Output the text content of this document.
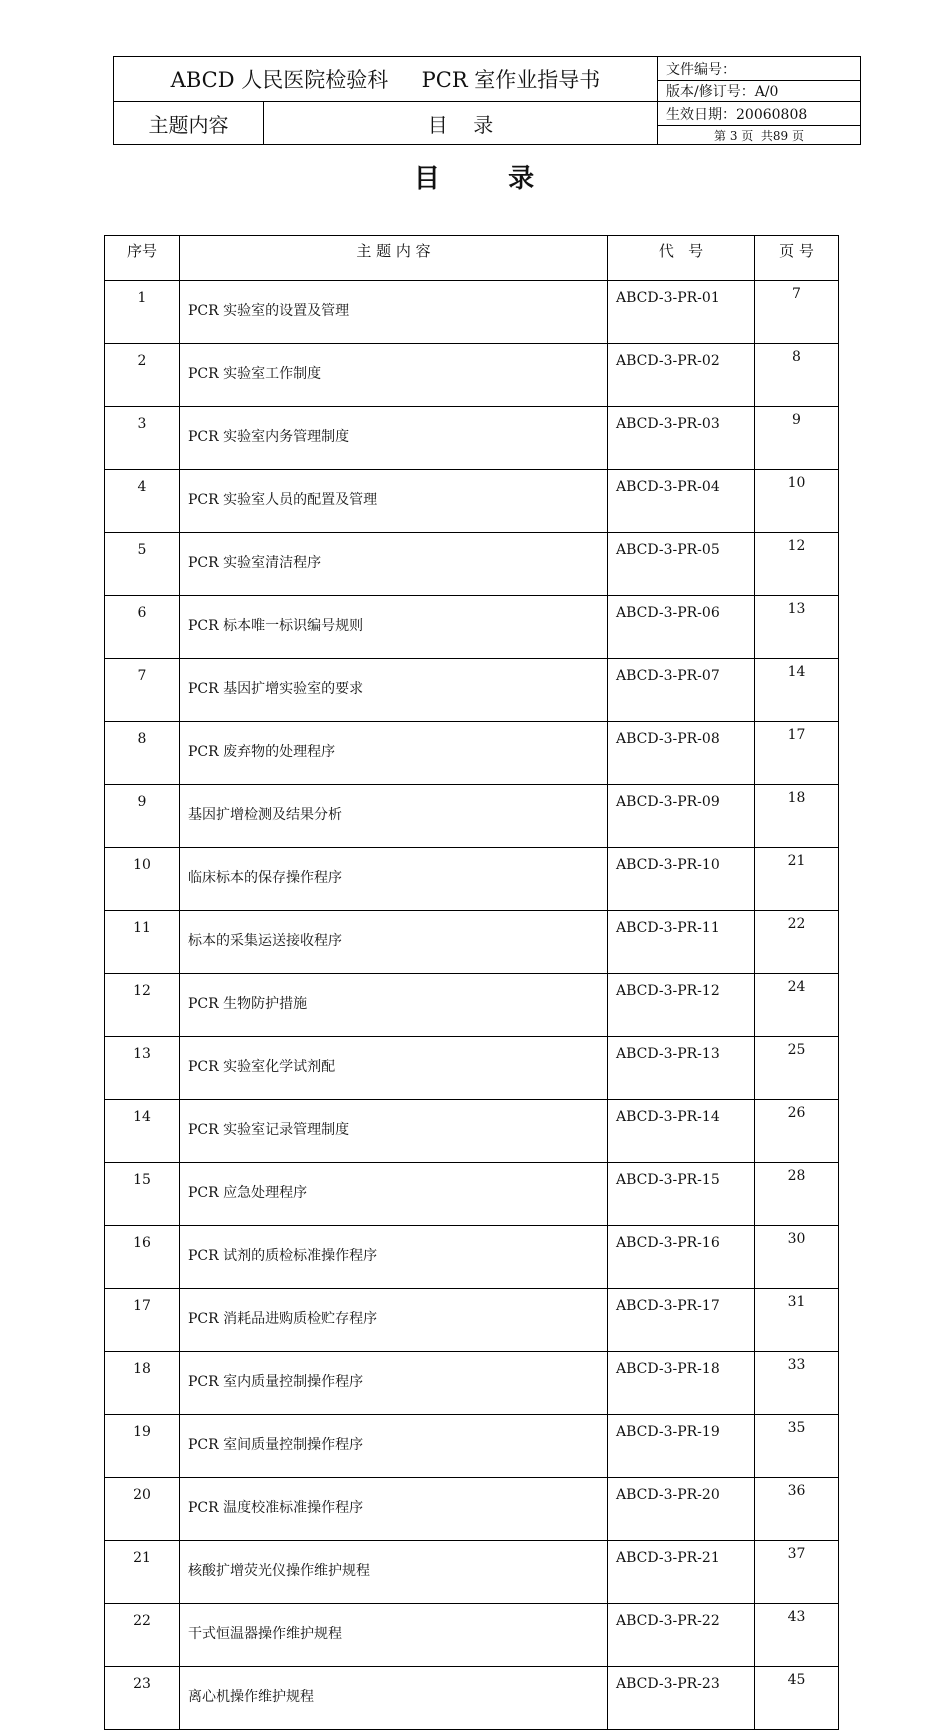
ABCD 人民医院检验科     PCR 室作业指导书
主题内容	目    录
文件编号：
版本/修订号：A/0
生效日期：20060808
第 3 页  共89 页
目      录
序号	主 题 内 容	代   号	页 号
1	PCR 实验室的设置及管理	ABCD-3-PR-01	7
2	PCR 实验室工作制度	ABCD-3-PR-02	8
3	PCR 实验室内务管理制度	ABCD-3-PR-03	9
4	PCR 实验室人员的配置及管理	ABCD-3-PR-04	10
5	PCR 实验室清洁程序	ABCD-3-PR-05	12
6	PCR 标本唯一标识编号规则	ABCD-3-PR-06	13
7	PCR 基因扩增实验室的要求	ABCD-3-PR-07	14
8	PCR 废弃物的处理程序	ABCD-3-PR-08	17
9	基因扩增检测及结果分析	ABCD-3-PR-09	18
10	临床标本的保存操作程序	ABCD-3-PR-10	21
11	标本的采集运送接收程序	ABCD-3-PR-11	22
12	PCR 生物防护措施	ABCD-3-PR-12	24
13	PCR 实验室化学试剂配	ABCD-3-PR-13	25
14	PCR 实验室记录管理制度	ABCD-3-PR-14	26
15	PCR 应急处理程序	ABCD-3-PR-15	28
16	PCR 试剂的质检标准操作程序	ABCD-3-PR-16	30
17	PCR 消耗品进购质检贮存程序	ABCD-3-PR-17	31
18	PCR 室内质量控制操作程序	ABCD-3-PR-18	33
19	PCR 室间质量控制操作程序	ABCD-3-PR-19	35
20	PCR 温度校准标准操作程序	ABCD-3-PR-20	36
21	核酸扩增荧光仪操作维护规程	ABCD-3-PR-21	37
22	干式恒温器操作维护规程	ABCD-3-PR-22	43
23	离心机操作维护规程	ABCD-3-PR-23	45
